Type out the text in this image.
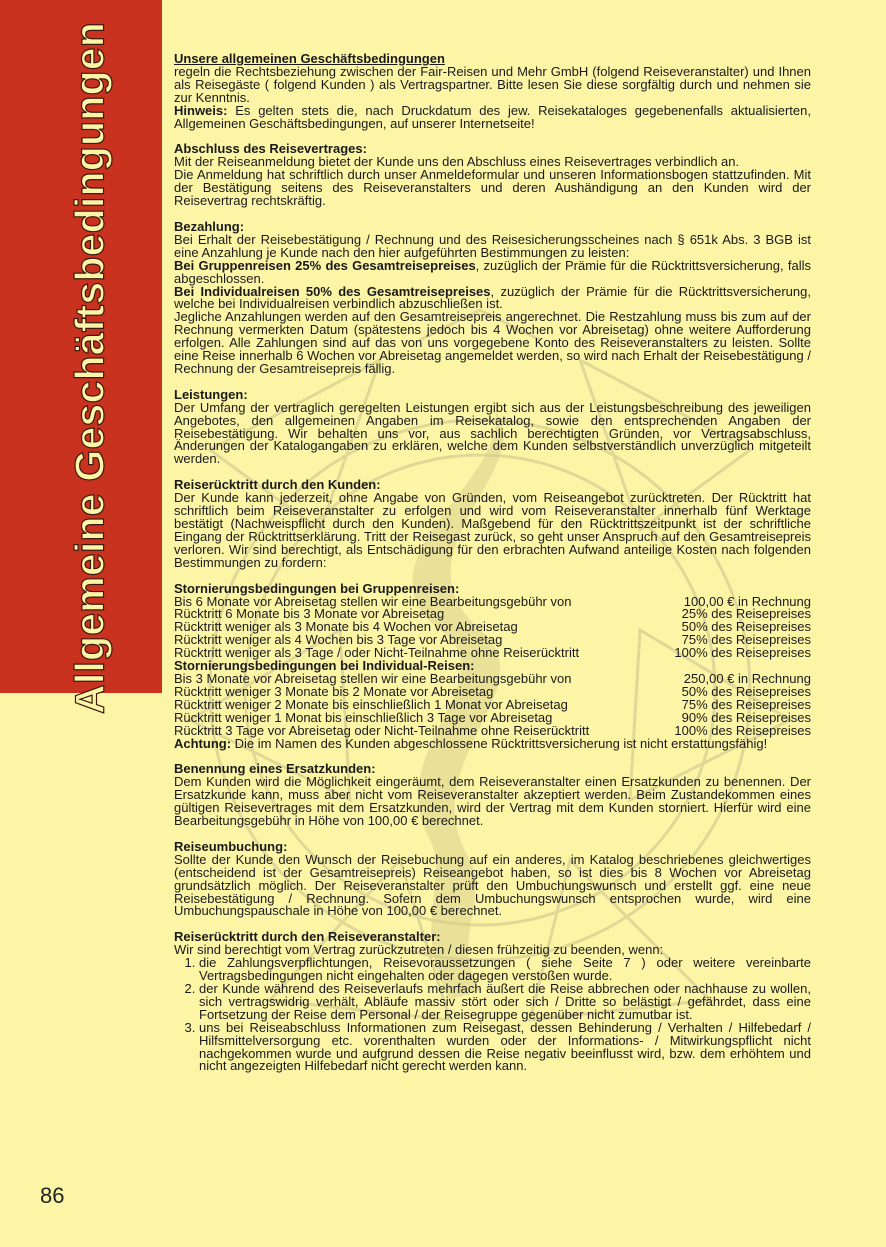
Allgemeine Geschäftsbedingungen
86
Unsere allgemeinen Geschäftsbedingungen

regeln die Rechtsbeziehung zwischen der Fair-Reisen und Mehr GmbH (folgend Reiseveranstalter) und Ihnen als Reisegäste ( folgend Kunden ) als Vertragspartner. Bitte lesen Sie diese sorgfältig durch und nehmen sie zur Kenntnis.

Hinweis: Es gelten stets die, nach Druckdatum des jew. Reisekataloges gegebenenfalls aktualisierten, Allgemeinen Geschäftsbedingungen, auf unserer Internetseite!

Abschluss des Reisevertrages:

Mit der Reiseanmeldung bietet der Kunde uns den Abschluss eines Reisevertrages verbindlich an.

Die Anmeldung hat schriftlich durch unser Anmeldeformular und unseren Informationsbogen stattzufinden. Mit der Bestätigung seitens des Reiseveranstalters und deren Aushändigung an den Kunden wird der Reisevertrag rechtskräftig.

Bezahlung:

Bei Erhalt der Reisebestätigung / Rechnung und des Reisesicherungsscheines nach § 651k Abs. 3 BGB ist eine Anzahlung je Kunde nach den hier aufgeführten Bestimmungen zu leisten:

Bei Gruppenreisen 25% des Gesamtreisepreises, zuzüglich der Prämie für die Rücktrittsversicherung, falls abgeschlossen.

Bei Individualreisen 50% des Gesamtreisepreises, zuzüglich der Prämie für die Rücktrittsversicherung, welche bei Individualreisen verbindlich abzuschließen ist.

Jegliche Anzahlungen werden auf den Gesamtreisepreis angerechnet. Die Restzahlung muss bis zum auf der Rechnung vermerkten Datum (spätestens jedoch bis 4 Wochen vor Abreisetag) ohne weitere Aufforderung erfolgen. Alle Zahlungen sind auf das von uns vorgegebene Konto des Reiseveranstalters zu leisten. Sollte eine Reise innerhalb 6 Wochen vor Abreisetag angemeldet werden, so wird nach Erhalt der Reisebestätigung / Rechnung der Gesamtreisepreis fällig.

Leistungen:

Der Umfang der vertraglich geregelten Leistungen ergibt sich aus der Leistungsbeschreibung des jeweiligen Angebotes, den allgemeinen Angaben im Reisekatalog, sowie den entsprechenden Angaben der Reisebestätigung. Wir behalten uns vor, aus sachlich berechtigten Gründen, vor Vertragsabschluss, Änderungen der Katalogangaben zu erklären, welche dem Kunden selbstverständlich unverzüglich mitgeteilt werden.

Reiserücktritt durch den Kunden:

Der Kunde kann jederzeit, ohne Angabe von Gründen, vom Reiseangebot zurücktreten. Der Rücktritt hat schriftlich beim Reiseveranstalter zu erfolgen und wird vom Reiseveranstalter innerhalb fünf Werktage bestätigt (Nachweispflicht durch den Kunden). Maßgebend für den Rücktrittszeitpunkt ist der schriftliche Eingang der Rücktrittserklärung. Tritt der Reisegast zurück, so geht unser Anspruch auf den Gesamtreisepreis verloren. Wir sind berechtigt, als Entschädigung für den erbrachten Aufwand anteilige Kosten nach folgenden Bestimmungen zu fordern:

Stornierungsbedingungen bei Gruppenreisen:
Bis 6 Monate vor Abreisetag stellen wir eine Bearbeitungsgebühr von	100,00 € in Rechnung
Rücktritt 6 Monate bis 3 Monate vor Abreisetag	25% des Reisepreises
Rücktritt weniger als 3 Monate bis 4 Wochen vor Abreisetag	50% des Reisepreises
Rücktritt weniger als 4 Wochen bis 3 Tage vor Abreisetag	75% des Reisepreises
Rücktritt weniger als 3 Tage / oder Nicht-Teilnahme ohne Reiserücktritt	100% des Reisepreises
Stornierungsbedingungen bei Individual-Reisen:
Bis 3 Monate vor Abreisetag stellen wir eine Bearbeitungsgebühr von	250,00 € in Rechnung
Rücktritt weniger 3 Monate bis 2 Monate vor Abreisetag	50% des Reisepreises
Rücktritt weniger 2 Monate bis einschließlich 1 Monat vor Abreisetag	75% des Reisepreises
Rücktritt weniger 1 Monat bis einschließlich 3 Tage vor Abreisetag	90% des Reisepreises
Rücktritt 3 Tage vor Abreisetag oder Nicht-Teilnahme ohne Reiserücktritt	100% des Reisepreises

Achtung: Die im Namen des Kunden abgeschlossene Rücktrittsversicherung ist nicht erstattungsfähig!

Benennung eines Ersatzkunden:

Dem Kunden wird die Möglichkeit eingeräumt, dem Reiseveranstalter einen Ersatzkunden zu benennen. Der Ersatzkunde kann, muss aber nicht vom Reiseveranstalter akzeptiert werden. Beim Zustandekommen eines gültigen Reisevertrages mit dem Ersatzkunden, wird der Vertrag mit dem Kunden storniert. Hierfür wird eine Bearbeitungsgebühr in Höhe von 100,00 € berechnet.

Reiseumbuchung:

Sollte der Kunde den Wunsch der Reisebuchung auf ein anderes, im Katalog beschriebenes gleichwertiges (entscheidend ist der Gesamtreisepreis) Reiseangebot haben, so ist dies bis 8 Wochen vor Abreisetag grundsätzlich möglich. Der Reiseveranstalter prüft den Umbuchungswunsch und erstellt ggf. eine neue Reisebestätigung / Rechnung. Sofern dem Umbuchungswunsch entsprochen wurde, wird eine Umbuchungspauschale in Höhe von 100,00 € berechnet.

Reiserücktritt durch den Reiseveranstalter:

Wir sind berechtigt vom Vertrag zurückzutreten / diesen frühzeitig zu beenden, wenn:

1. die Zahlungsverpflichtungen, Reisevoraussetzungen ( siehe Seite 7 ) oder weitere vereinbarte Vertragsbedingungen nicht eingehalten oder dagegen verstoßen wurde.
2. der Kunde während des Reiseverlaufs mehrfach äußert die Reise abbrechen oder nachhause zu wollen, sich vertragswidrig verhält, Abläufe massiv stört oder sich / Dritte so belästigt / gefährdet, dass eine Fortsetzung der Reise dem Personal / der Reisegruppe gegenüber nicht zumutbar ist.
3. uns bei Reiseabschluss Informationen zum Reisegast, dessen Behinderung / Verhalten / Hilfebedarf / Hilfsmittelversorgung etc. vorenthalten wurden oder der Informations- / Mitwirkungspflicht nicht nachgekommen wurde und aufgrund dessen die Reise negativ beeinflusst wird, bzw. dem erhöhtem und nicht angezeigten Hilfebedarf nicht gerecht werden kann.
